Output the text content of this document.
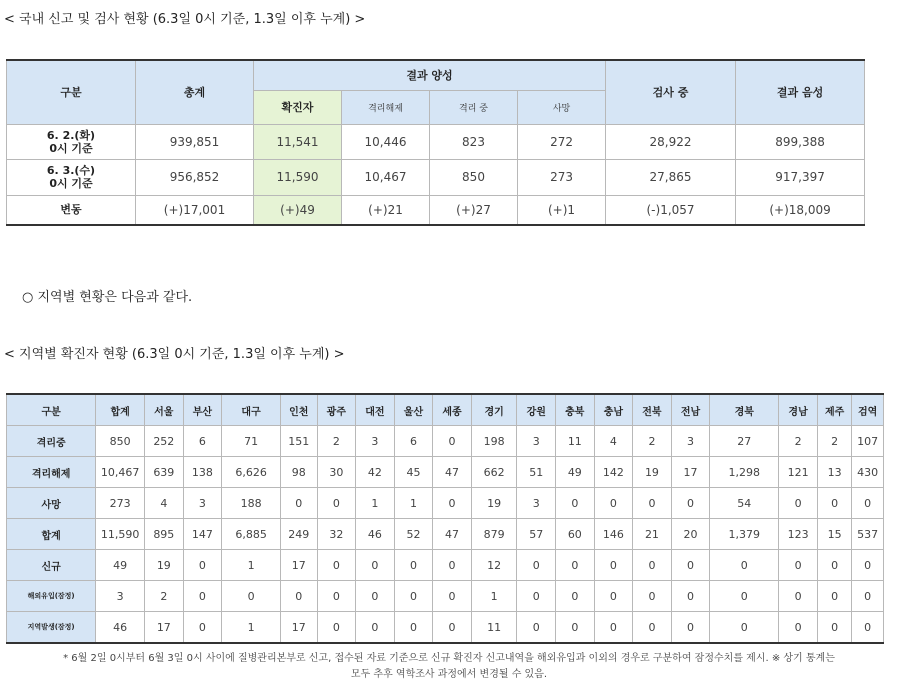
< 국내 신고 및 검사 현황 (6.3일 0시 기준, 1.3일 이후 누계) >
구분	총계	결과 양성				검사 중	결과 음성
		확진자	격리해제	격리 중	사망		

6. 2.(화)
0시 기준	939,851	11,541	10,446	823	272	28,922	899,388

6. 3.(수)
0시 기준	956,852	11,590	10,467	850	273	27,865	917,397
변동	(+)17,001	(+)49	(+)21	(+)27	(+)1	(-)1,057	(+)18,009
○ 지역별 현황은 다음과 같다.
< 지역별 확진자 현황 (6.3일 0시 기준, 1.3일 이후 누계) >
구분	합계	서울	부산	대구	인천	광주	대전	울산	세종	경기	강원	충북	충남	전북	전남	경북	경남	제주	검역
격리중	850	252	6	71	151	2	3	6	0	198	3	11	4	2	3	27	2	2	107
격리해제	10,467	639	138	6,626	98	30	42	45	47	662	51	49	142	19	17	1,298	121	13	430
사망	273	4	3	188	0	0	1	1	0	19	3	0	0	0	0	54	0	0	0
합계	11,590	895	147	6,885	249	32	46	52	47	879	57	60	146	21	20	1,379	123	15	537
신규	49	19	0	1	17	0	0	0	0	12	0	0	0	0	0	0	0	0	0
해외유입(잠정)	3	2	0	0	0	0	0	0	0	1	0	0	0	0	0	0	0	0	0
지역발생(잠정)	46	17	0	1	17	0	0	0	0	11	0	0	0	0	0	0	0	0	0
* 6월 2일 0시부터 6월 3일 0시 사이에 질병관리본부로 신고, 접수된 자료 기준으로 신규 확진자 신고내역을 해외유입과 이외의 경우로 구분하여 잠정수치를 제시. ※ 상기 통계는
모두 추후 역학조사 과정에서 변경될 수 있음.
